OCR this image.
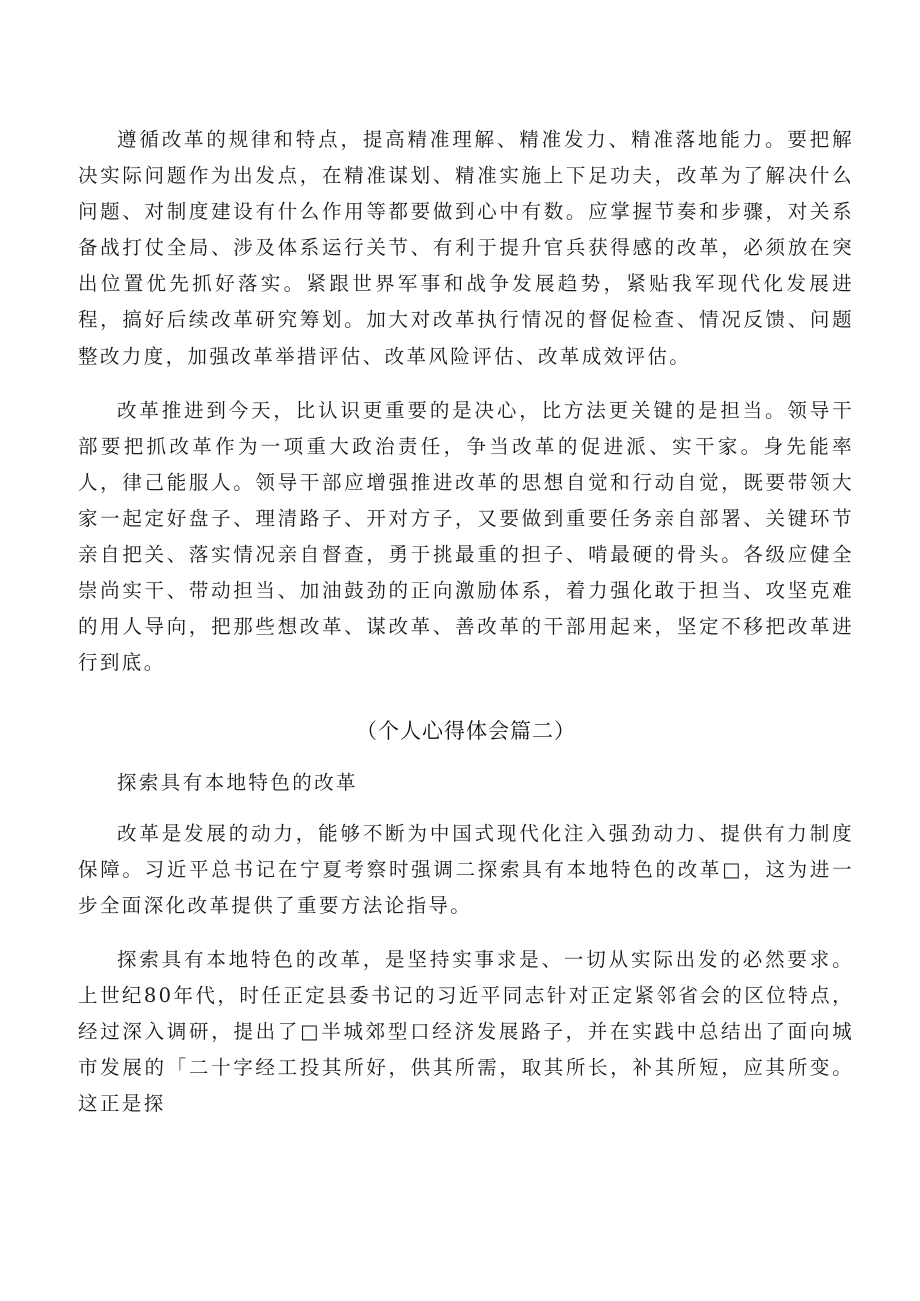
遵循改革的规律和特点，提高精准理解、精准发力、精准落地能力。要把解决实际问题作为出发点，在精准谋划、精准实施上下足功夫，改革为了解决什么问题、对制度建设有什么作用等都要做到心中有数。应掌握节奏和步骤，对关系备战打仗全局、涉及体系运行关节、有利于提升官兵获得感的改革，必须放在突出位置优先抓好落实。紧跟世界军事和战争发展趋势，紧贴我军现代化发展进程，搞好后续改革研究筹划。加大对改革执行情况的督促检查、情况反馈、问题整改力度，加强改革举措评估、改革风险评估、改革成效评估。

改革推进到今天，比认识更重要的是决心，比方法更关键的是担当。领导干部要把抓改革作为一项重大政治责任，争当改革的促进派、实干家。身先能率人，律己能服人。领导干部应增强推进改革的思想自觉和行动自觉，既要带领大家一起定好盘子、理清路子、开对方子，又要做到重要任务亲自部署、关键环节亲自把关、落实情况亲自督查，勇于挑最重的担子、啃最硬的骨头。各级应健全崇尚实干、带动担当、加油鼓劲的正向激励体系，着力强化敢于担当、攻坚克难的用人导向，把那些想改革、谋改革、善改革的干部用起来，坚定不移把改革进行到底。

（个人心得体会篇二）

探索具有本地特色的改革

改革是发展的动力，能够不断为中国式现代化注入强劲动力、提供有力制度保障。习近平总书记在宁夏考察时强调二探索具有本地特色的改革□，这为进一步全面深化改革提供了重要方法论指导。

探索具有本地特色的改革，是坚持实事求是、一切从实际出发的必然要求。上世纪80年代，时任正定县委书记的习近平同志针对正定紧邻省会的区位特点，经过深入调研，提出了□半城郊型口经济发展路子，并在实践中总结出了面向城市发展的「二十字经工投其所好，供其所需，取其所长，补其所短，应其所变。这正是探
